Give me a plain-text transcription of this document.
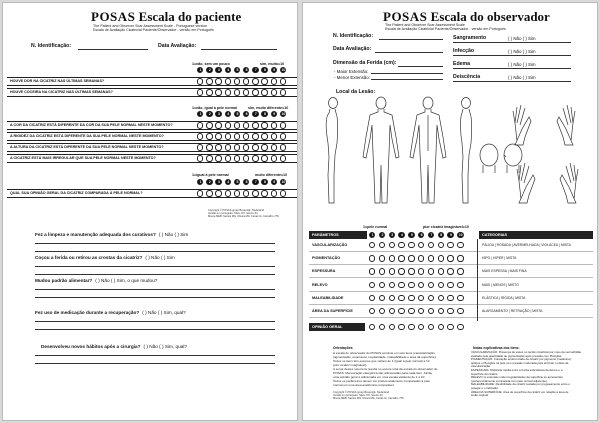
POSAS Escala do paciente
The Patient and Observer Scar Assessment Scale - Portuguese version
Escala de Avaliação Cicatricial Paciente/Observador - versão em Português
N. Identificação:	Data Avaliação:
1=não, sem um pouco	sim, muito=10
1	2	3	4	5	6	7	8	9	10
HOUVE DOR NA CICATRIZ NAS ÚLTIMAS SEMANAS?
HOUVE COCEIRA NA CICATRIZ NAS ÚLTIMAS SEMANAS?
1=não, igual à pele normal	sim, muito diferente=10
1	2	3	4	5	6	7	8	9	10
A COR DA CICATRIZ ESTÁ DIFERENTE DA COR DA SUA PELE NORMAL NESTE MOMENTO?
A RIGIDEZ DA CICATRIZ ESTÁ DIFERENTE DA SUA PELE NORMAL NESTE MOMENTO?
A ALTURA DA CICATRIZ ESTÁ DIFERENTE DA SUA PELE NORMAL NESTE MOMENTO?
A CICATRIZ ESTÁ MAIS IRREGULAR QUE SUA PELE NORMAL NESTE MOMENTO?
1=igual à pele normal	muito diferente=10
1	2	3	4	5	6	7	8	9	10
QUAL SUA OPINIÃO GERAL DA CICATRIZ COMPARADA À PELE NORMAL?
Copyright © POSAS groep Beverwijk, Nederland
Versão em português: Silva JYF, Souza JN,
Moura MEB, Santos MG, Moura MG, Farias IA, Carvalho JTS
Fez a limpeza e manutenção adequada dos curativos? ( ) Não ( ) Sim
Coçou a ferida ou retirou as crostas da cicatriz? ( ) Não ( ) Sim
Mudou padrão alimentar? ( ) Não ( ) Sim, o que mudou?
Fez uso de medicação durante a recuperação? ( ) Não ( ) Sim, qual?
Desenvolveu novos hábitos após a cirurgia? ( ) Não ( ) Sim, qual?
POSAS Escala do observador
The Patient and Observer Scar Assessment Scale
Escala de Avaliação Cicatricial Paciente/Observador - versão em Português
N. Identificação:
Data Avaliação:
Dimensão da Ferida (cm):
- Maior Extensão:
- Menor Extensão:
Local da Lesão:
Sangramento	( ) Não ( ) Sim
Infecção	( ) Não ( ) Sim
Edema	( ) Não ( ) Sim
Deiscência	( ) Não ( ) Sim
PARÂMETROS	CATEGORIAS
1=pele normal	pior cicatriz imaginável=10
1	2	3	4	5	6	7	8	9	10
VASCULARIZAÇÃO	PÁLIDA | ROSADA | AVERMELHADA | VIOLÁCEA | MISTA
PIGMENTAÇÃO	HIPO | HIPER | MISTA
ESPESSURA	MAIS ESPESSA | MAIS FINA
RELEVO	MAIS | MENOS | MISTO
MALEABILIDADE	ELÁSTICA | RÍGIDA | MISTA
ÁREA DA SUPERFÍCIE	ALARGAMENTO | RETRAÇÃO | MISTA
OPINIÃO GERAL
Orientações
A escala do observador do POSAS consiste em seis itens (vascularização,
pigmentação, espessura, regularidade, maleabilidade e área da superfície).
Todos os itens têm escores que variam de 1 (igual à pele normal) a 10
(pior cicatriz imaginável).
A soma destes seis itens resulta no escore total da escala do observador do
POSAS. Mensuração categórica são adicionadas para cada item. Ainda,
uma opinião geral é adicionada em uma escala variando de 1 a 10.
Todos os parâmetros devem ser preferencialmente comparados à pele
normal em uma área anatômica comparável.
Copyright © POSAS groep Beverwijk, Nederland
Versão em português: Silva JYF, Souza JN,
Moura MEB, Santos MG, Moura MG, Farias IA, Carvalho JTS
Notas explicativas dos itens:
VASCULARIZAÇÃO: Presença de vasos no tecido cicatricial por meio da vermelhidão
avaliada pela quantidade de pigmentação após pressão com Plexiglas.
PIGMENTAÇÃO: Coloração amarronzada da cicatriz por pigmento (melanina);
aplique o Plexiglas na pele com pressão moderada para eliminar o efeito da
vascularização.
ESPESSURA: Distância média entre a borda subcutânea da derme e a
superfície da cicatriz.
RELEVO: A extensão onde irregularidades da superfície se apresentam
(preferencialmente comparada com pele normal adjacente).
MALEABILIDADE: Flexibilidade da cicatriz testada por pregueamento entre o
polegar e o indicador.
ÁREA DA SUPERFÍCIE: Área de superfície da cicatriz em relação à área de
lesão original.
